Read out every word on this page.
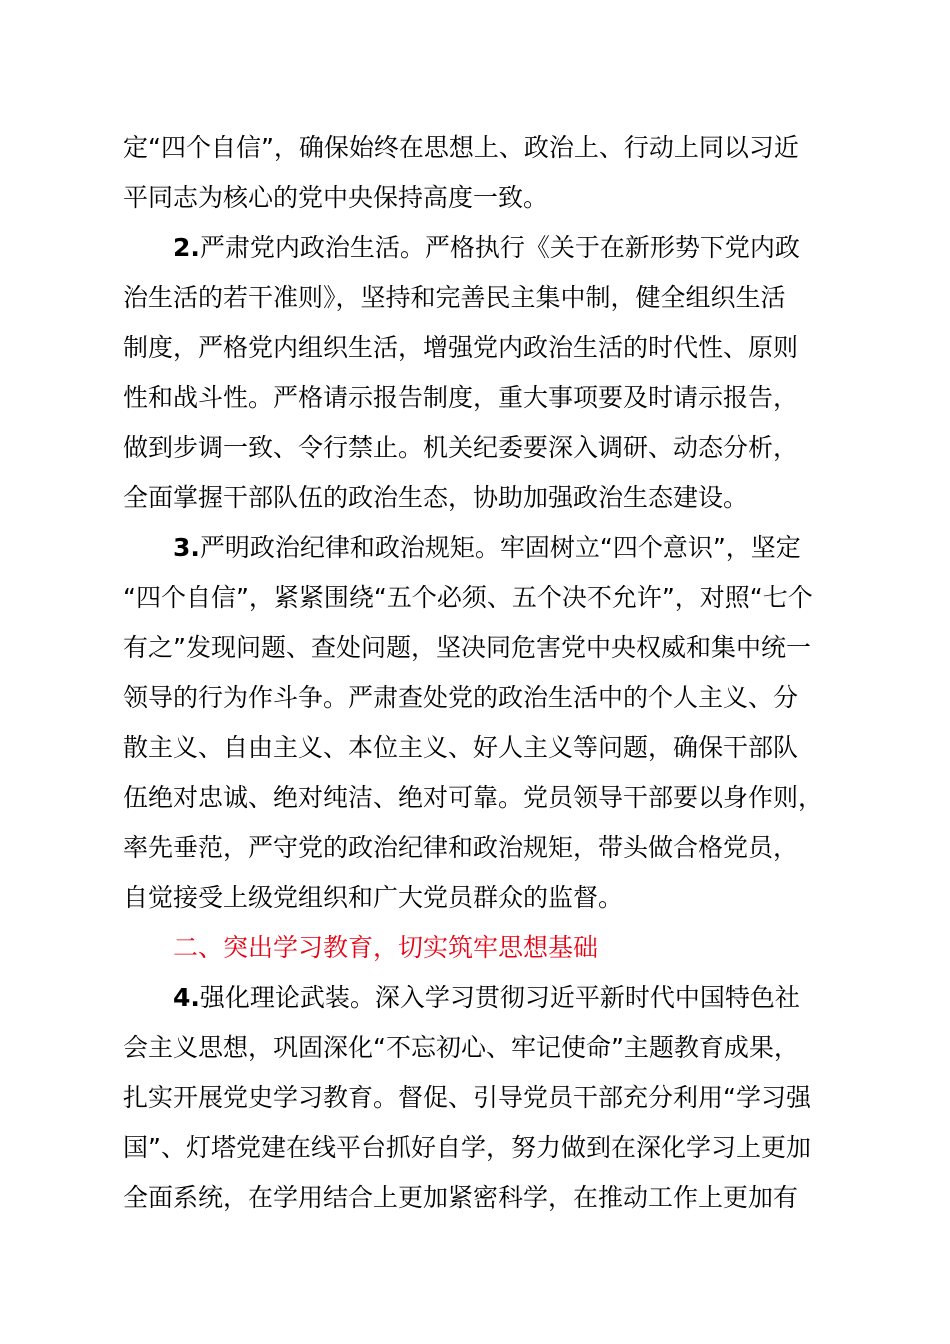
定“四个自信”，确保始终在思想上、政治上、行动上同以习近
平同志为核心的党中央保持高度一致。
2.严肃党内政治生活。严格执行《关于在新形势下党内政
治生活的若干准则》，坚持和完善民主集中制，健全组织生活
制度，严格党内组织生活，增强党内政治生活的时代性、原则
性和战斗性。严格请示报告制度，重大事项要及时请示报告，
做到步调一致、令行禁止。机关纪委要深入调研、动态分析，
全面掌握干部队伍的政治生态，协助加强政治生态建设。
3.严明政治纪律和政治规矩。牢固树立“四个意识”，坚定
“四个自信”，紧紧围绕“五个必须、五个决不允许”，对照“七个
有之”发现问题、查处问题，坚决同危害党中央权威和集中统一
领导的行为作斗争。严肃查处党的政治生活中的个人主义、分
散主义、自由主义、本位主义、好人主义等问题，确保干部队
伍绝对忠诚、绝对纯洁、绝对可靠。党员领导干部要以身作则，
率先垂范，严守党的政治纪律和政治规矩，带头做合格党员，
自觉接受上级党组织和广大党员群众的监督。
二、突出学习教育，切实筑牢思想基础
4.强化理论武装。深入学习贯彻习近平新时代中国特色社
会主义思想，巩固深化“不忘初心、牢记使命”主题教育成果，
扎实开展党史学习教育。督促、引导党员干部充分利用“学习强
国”、灯塔党建在线平台抓好自学，努力做到在深化学习上更加
全面系统，在学用结合上更加紧密科学，在推动工作上更加有
